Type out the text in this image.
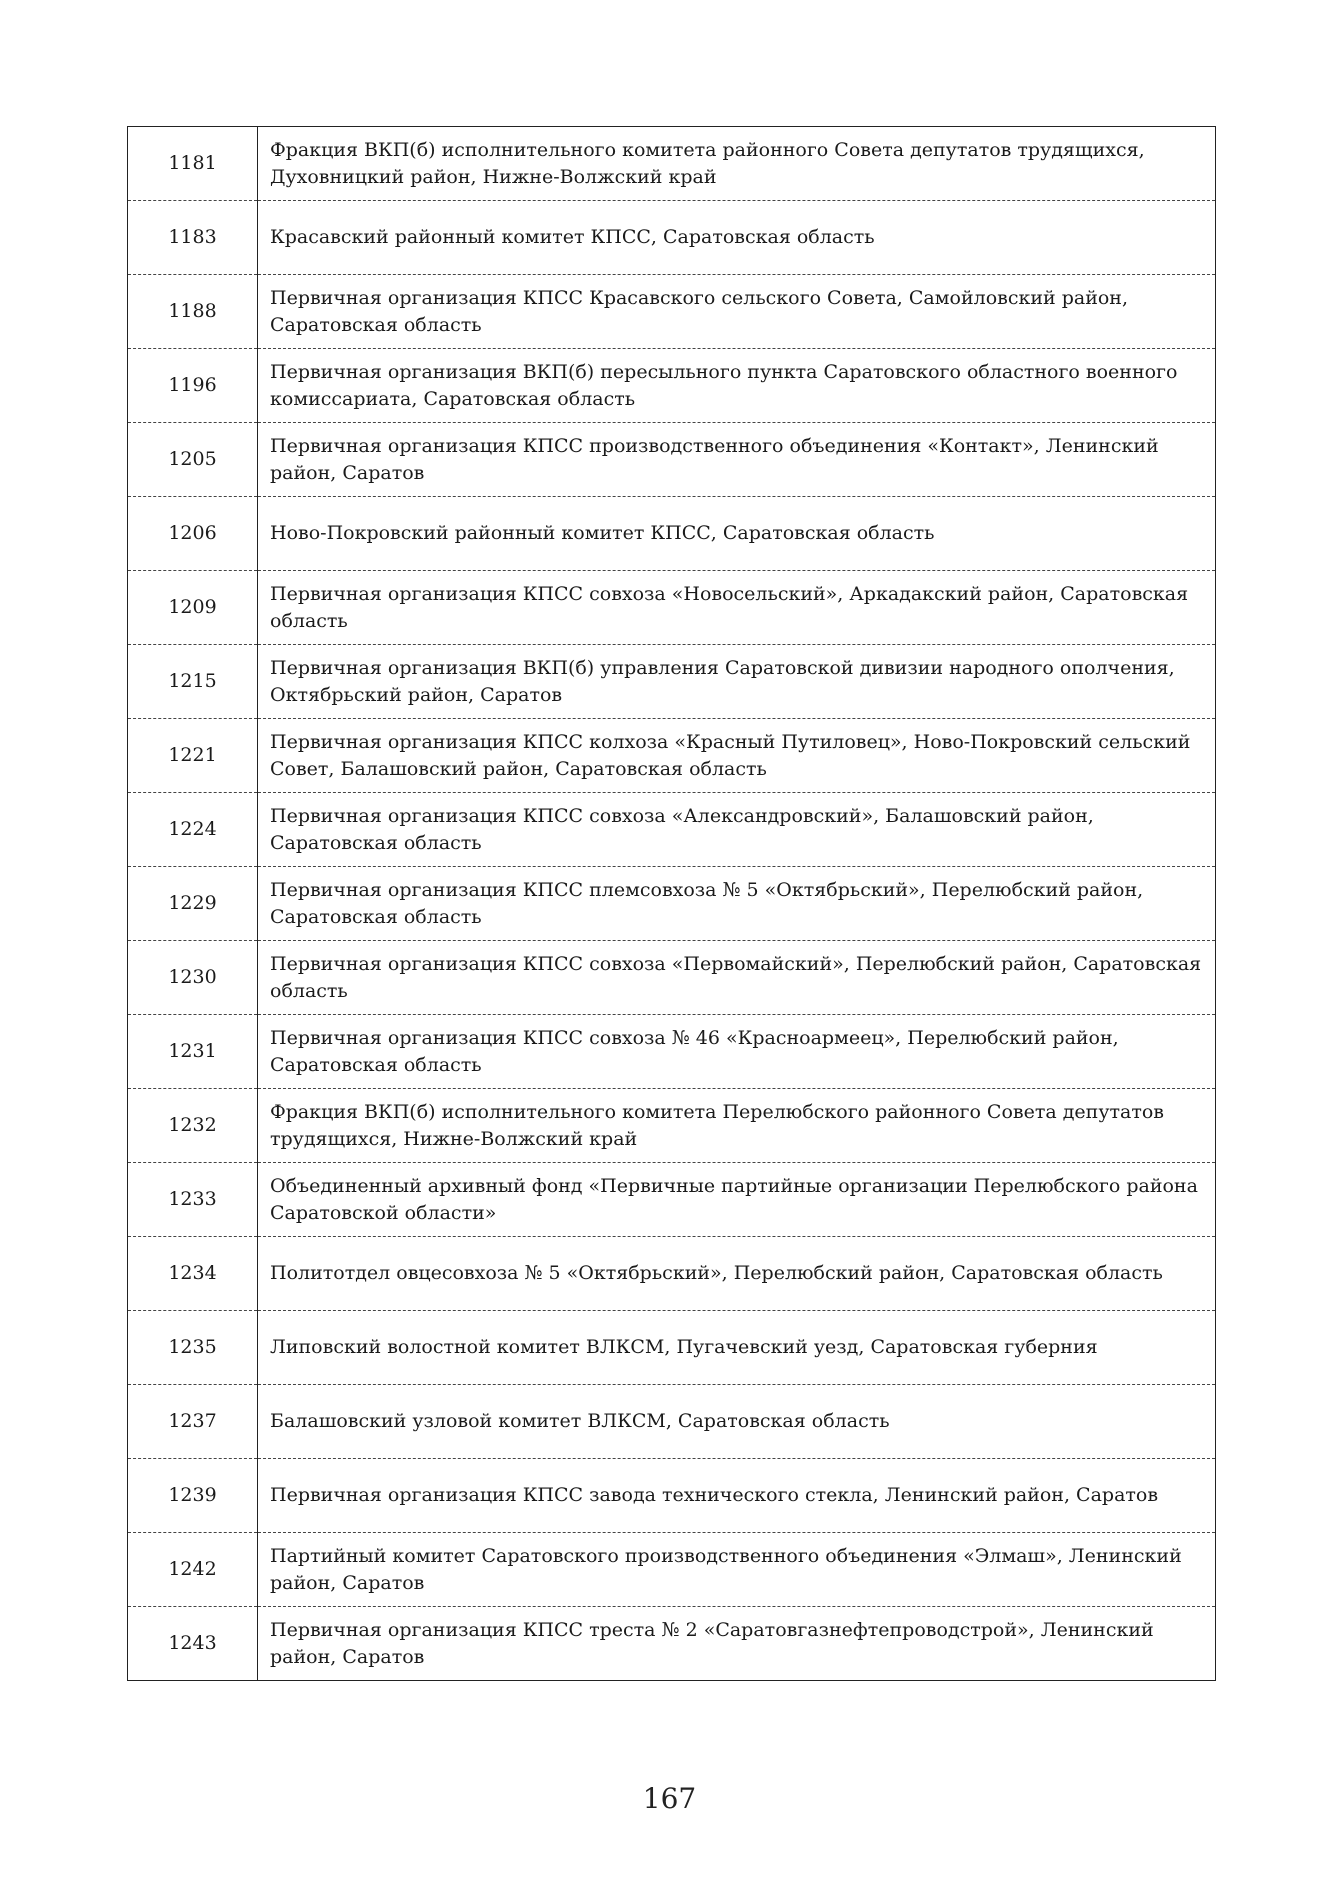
1181	Фракция ВКП(б) исполнительного комитета районного Совета депутатов трудящихся, Духовницкий район, Нижне-Волжский край
1183	Красавский районный комитет КПСС, Саратовская область
1188	Первичная организация КПСС Красавского сельского Совета, Самойловский район, Саратовская область
1196	Первичная организация ВКП(б) пересыльного пункта Саратовского областного военного комиссариата, Саратовская область
1205	Первичная организация КПСС производственного объединения «Контакт», Ленинский район, Саратов
1206	Ново-Покровский районный комитет КПСС, Саратовская область
1209	Первичная организация КПСС совхоза «Новосельский», Аркадакский район, Саратовская область
1215	Первичная организация ВКП(б) управления Саратовской дивизии народного ополчения, Октябрьский район, Саратов
1221	Первичная организация КПСС колхоза «Красный Путиловец», Ново-Покровский сельский Совет, Балашовский район, Саратовская область
1224	Первичная организация КПСС совхоза «Александровский», Балашовский район, Саратовская область
1229	Первичная организация КПСС племсовхоза № 5 «Октябрьский», Перелюбский район, Саратовская область
1230	Первичная организация КПСС совхоза «Первомайский», Перелюбский район, Саратовская область
1231	Первичная организация КПСС совхоза № 46 «Красноармеец», Перелюбский район, Саратовская область
1232	Фракция ВКП(б) исполнительного комитета Перелюбского районного Совета депутатов трудящихся, Нижне-Волжский край
1233	Объединенный архивный фонд «Первичные партийные организации Перелюбского района Саратовской области»
1234	Политотдел овцесовхоза № 5 «Октябрьский», Перелюбский район, Саратовская область
1235	Липовский волостной комитет ВЛКСМ, Пугачевский уезд, Саратовская губерния
1237	Балашовский узловой комитет ВЛКСМ, Саратовская область
1239	Первичная организация КПСС завода технического стекла, Ленинский район, Саратов
1242	Партийный комитет Саратовского производственного объединения «Элмаш», Ленинский район, Саратов
1243	Первичная организация КПСС треста № 2 «Саратовгазнефтепроводстрой», Ленинский район, Саратов
167
